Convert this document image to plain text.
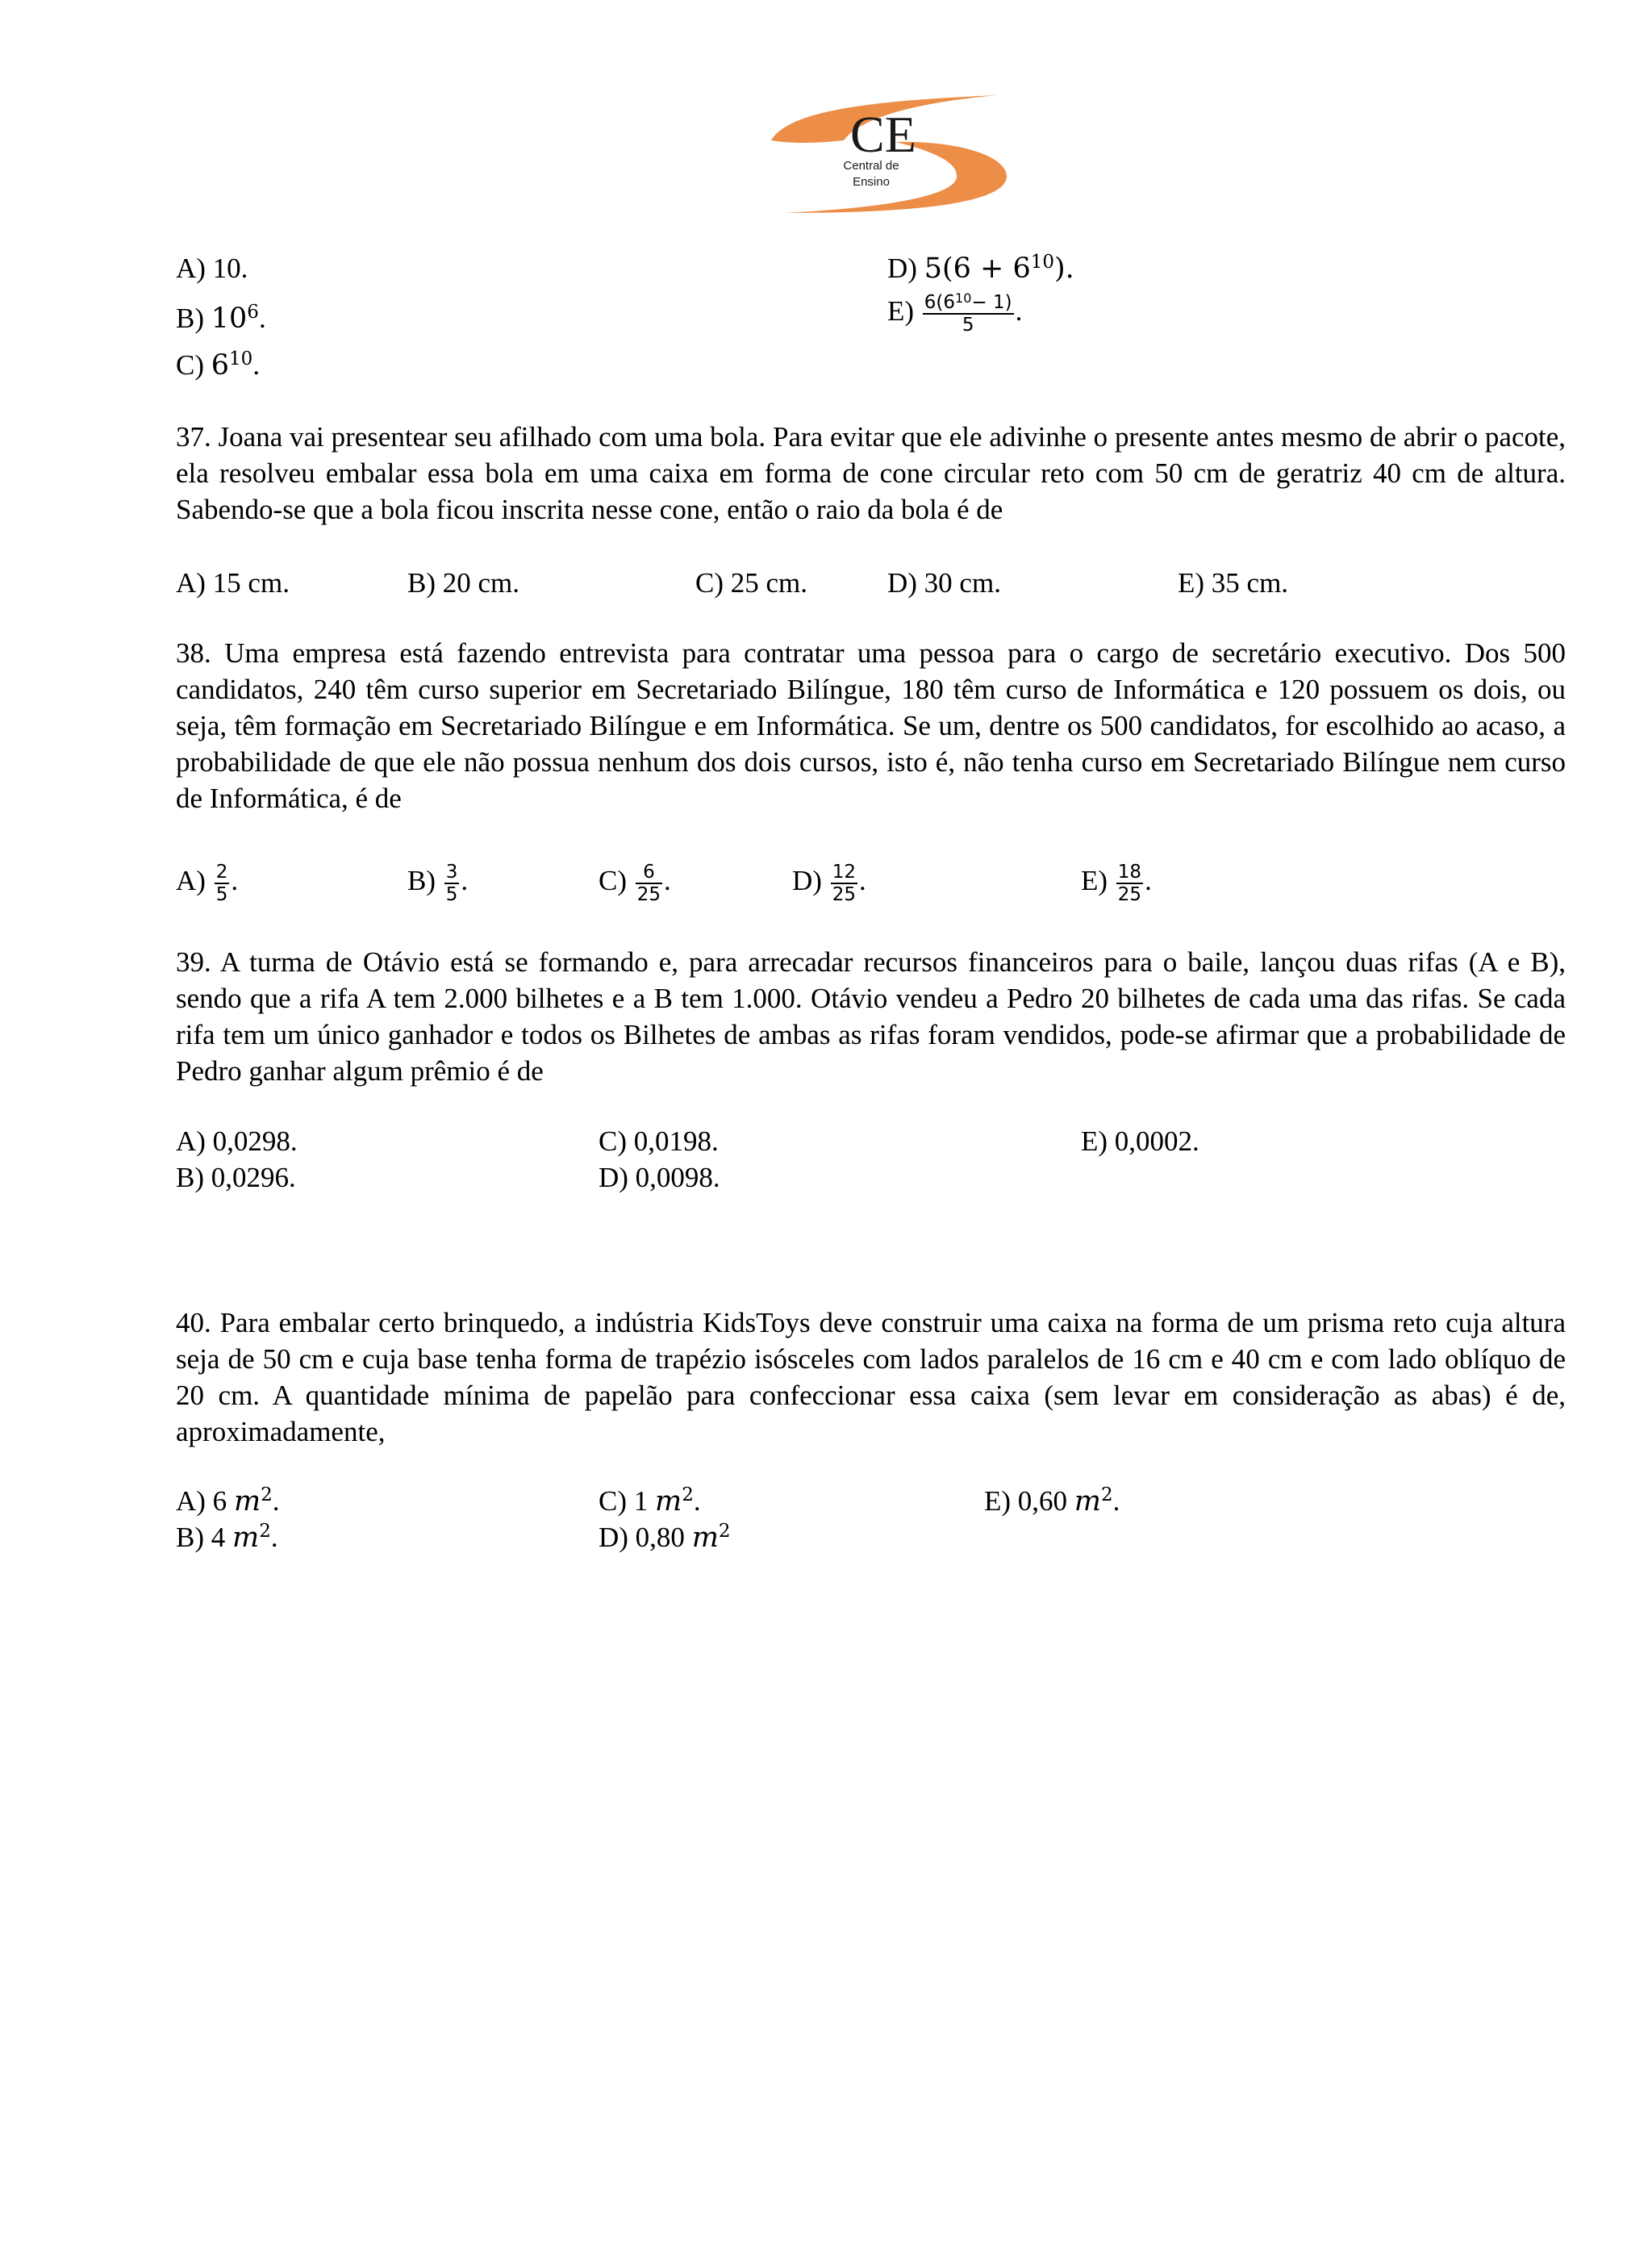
CE
Central de
Ensino
A) 10.
B) $10^6$.
C) $6^{10}$.
D) $5(6 + 6^{10})$.
$E) \frac{6(6^{10}- 1)}{5}$ .

37. Joana vai presentear seu afilhado com uma bola. Para evitar que ele adivinhe o presente antes mesmo de abrir o pacote, ela resolveu embalar essa bola em uma caixa em forma de cone circular reto com 50 cm de geratriz 40 cm de altura. Sabendo-se que a bola ficou inscrita nesse cone, então o raio da bola é de

A) 15 cm.	B) 20 cm.	C) 25 cm.	D) 30 cm.	E) 35 cm.

38. Uma empresa está fazendo entrevista para contratar uma pessoa para o cargo de secretário executivo. Dos 500 candidatos, 240 têm curso superior em Secretariado Bilíngue, 180 têm curso de Informática e 120 possuem os dois, ou seja, têm formação em Secretariado Bilíngue e em Informática. Se um, dentre os 500 candidatos, for escolhido ao acaso, a probabilidade de que ele não possua nenhum dos dois cursos, isto é, não tenha curso em Secretariado Bilíngue nem curso de Informática, é de

$A) \frac{2}{5}$ .	$B) \frac{3}{5}$ .	$C) \frac{6}{25}$ .	$D) \frac{12}{25}$ .	$E) \frac{18}{25}$ .

39. A turma de Otávio está se formando e, para arrecadar recursos financeiros para o baile, lançou duas rifas (A e B), sendo que a rifa A tem 2.000 bilhetes e a B tem 1.000. Otávio vendeu a Pedro 20 bilhetes de cada uma das rifas. Se cada rifa tem um único ganhador e todos os Bilhetes de ambas as rifas foram vendidos, pode-se afirmar que a probabilidade de Pedro ganhar algum prêmio é de

A) 0,0298.
B) 0,0296.
C) 0,0198.
D) 0,0098.
E) 0,0002.

40. Para embalar certo brinquedo, a indústria KidsToys deve construir uma caixa na forma de um prisma reto cuja altura seja de 50 cm e cuja base tenha forma de trapézio isósceles com lados paralelos de 16 cm e 40 cm e com lado oblíquo de 20 cm. A quantidade mínima de papelão para confeccionar essa caixa (sem levar em consideração as abas) é de, aproximadamente,

A) 6 $m^2$.
B) 4 $m^2$.
C) 1 $m^2$.
D) 0,80 $m^2$
E) 0,60 $m^2$.
